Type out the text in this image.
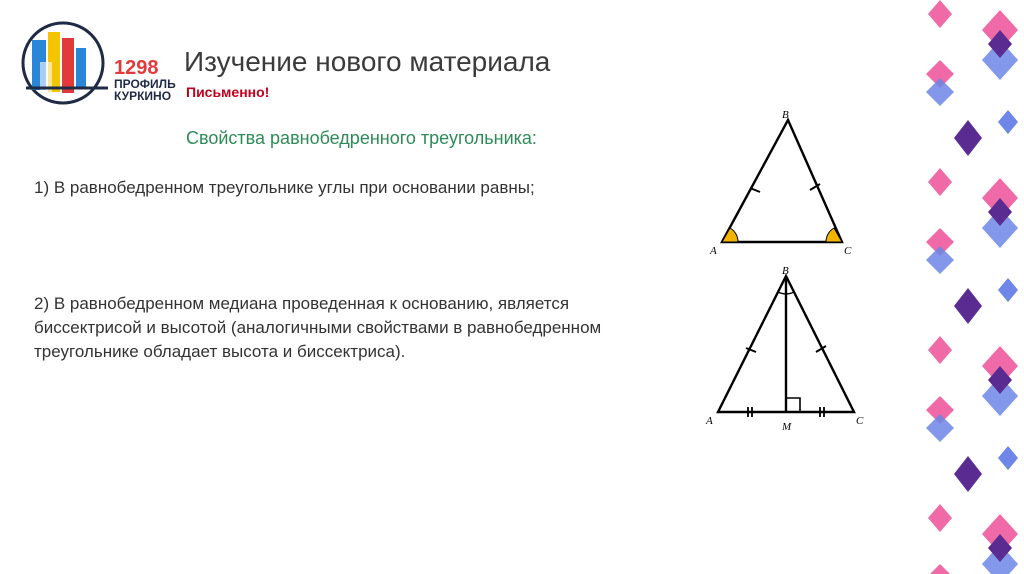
1298
ПРОФИЛЬ
КУРКИНО
Изучение нового материала
Письменно!
Свойства равнобедренного треугольника:
1) В равнобедренном треугольнике углы при основании равны;
2) В равнобедренном медиана проведенная к основанию, является биссектрисой и высотой (аналогичными свойствами в равнобедренном треугольнике обладает высота и биссектриса).
B
A	C
B
A	C
M
